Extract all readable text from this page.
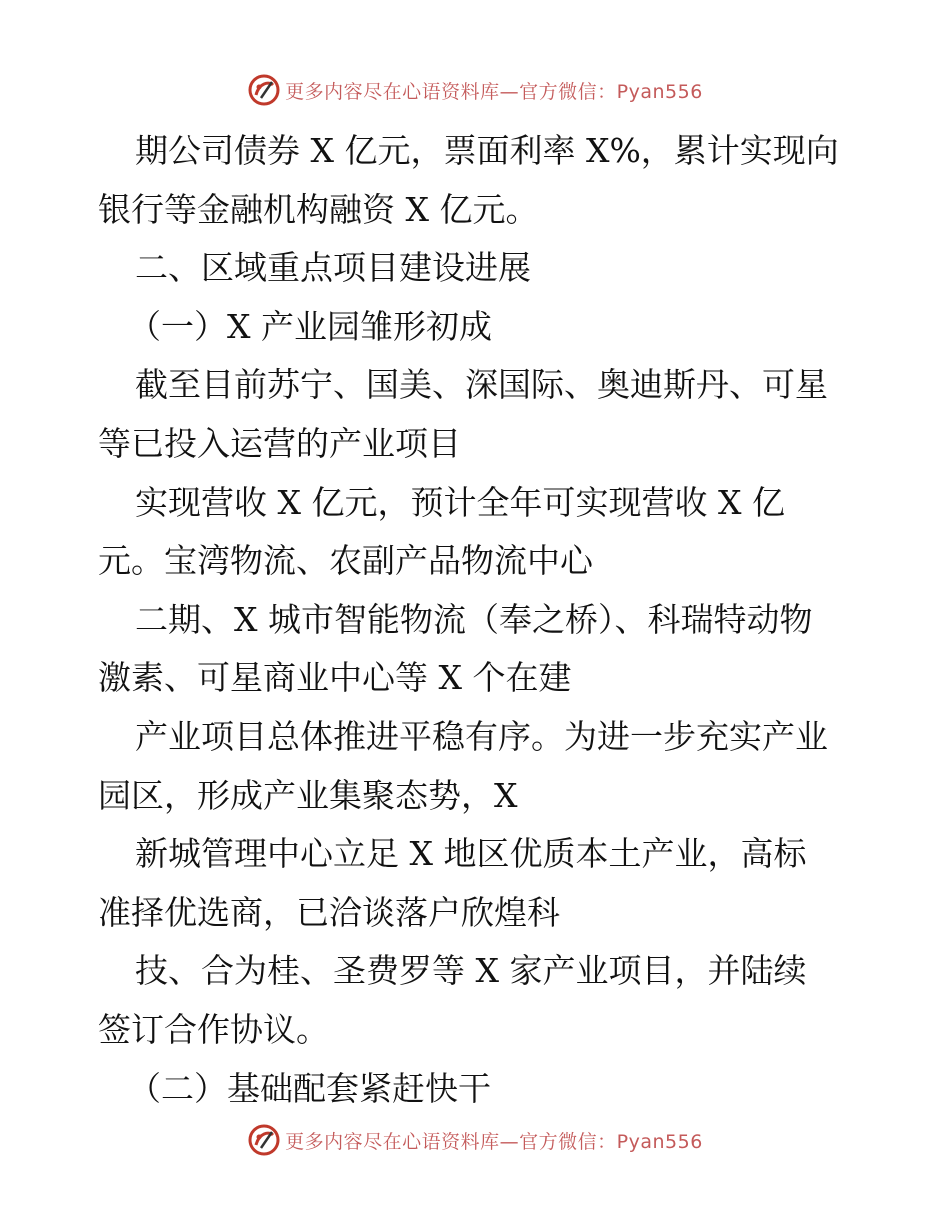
更多内容尽在心语资料库—官方微信：Pyan556
期公司债券 X 亿元，票面利率 X%，累计实现向
银行等金融机构融资 X 亿元。
二、区域重点项目建设进展
（一）X 产业园雏形初成
截至目前苏宁、国美、深国际、奥迪斯丹、可星
等已投入运营的产业项目
实现营收 X 亿元，预计全年可实现营收 X 亿
元。宝湾物流、农副产品物流中心
二期、X 城市智能物流（奉之桥）、科瑞特动物
激素、可星商业中心等 X 个在建
产业项目总体推进平稳有序。为进一步充实产业
园区，形成产业集聚态势，X
新城管理中心立足 X 地区优质本土产业，高标
准择优选商，已洽谈落户欣煌科
技、合为桂、圣费罗等 X 家产业项目，并陆续
签订合作协议。
（二）基础配套紧赶快干
更多内容尽在心语资料库—官方微信：Pyan556
